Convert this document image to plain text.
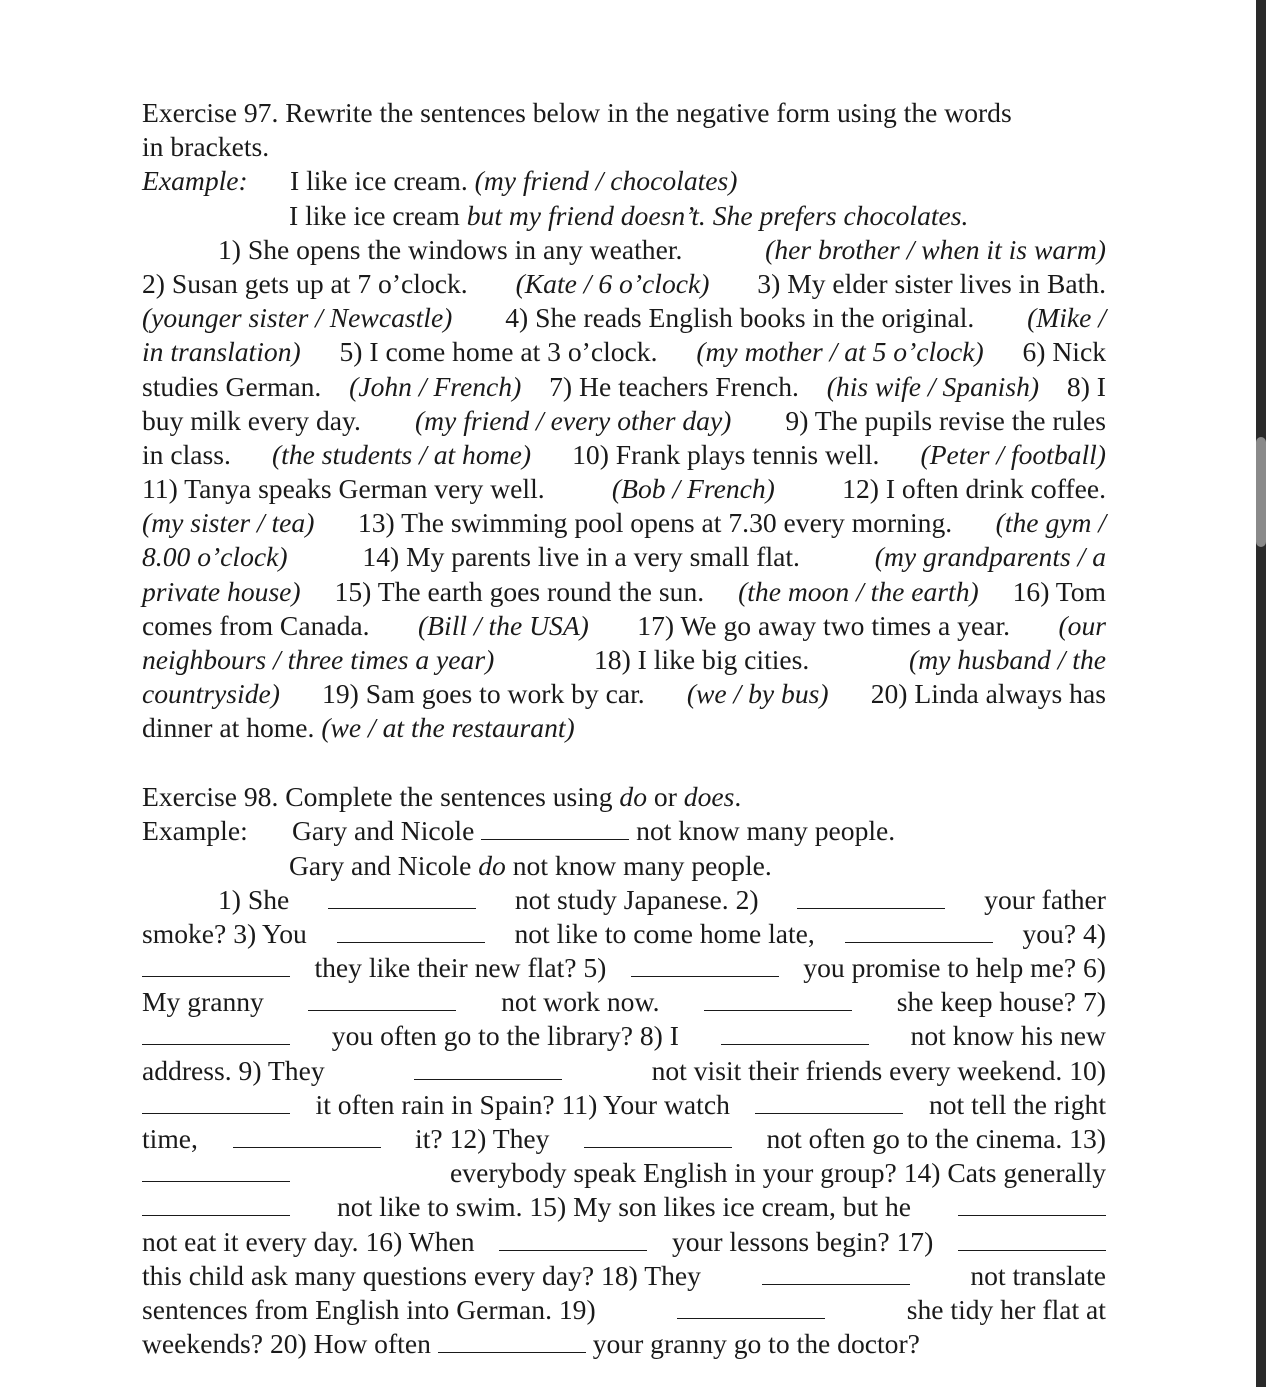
Exercise 97. Rewrite the sentences below in the negative form using the words
in brackets.
Example: I like ice cream. (my friend / chocolates)
I like ice cream but my friend doesn’t. She prefers chocolates.
1) She opens the windows in any weather.	(her brother / when it is warm)
2) Susan gets up at 7 o’clock. (Kate / 6 o’clock) 3) My elder sister lives in Bath.
(younger sister / Newcastle) 4) She reads English books in the original. (Mike /
in translation) 5) I come home at 3 o’clock. (my mother / at 5 o’clock) 6) Nick
studies German. (John / French) 7) He teachers French. (his wife / Spanish) 8) I
buy milk every day. (my friend / every other day) 9) The pupils revise the rules
in class. (the students / at home) 10) Frank plays tennis well. (Peter / football)
11) Tanya speaks German very well. (Bob / French) 12) I often drink coffee.
(my sister / tea) 13) The swimming pool opens at 7.30 every morning. (the gym /
8.00 o’clock) 14) My parents live in a very small flat. (my grandparents / a
private house) 15) The earth goes round the sun. (the moon / the earth) 16) Tom
comes from Canada. (Bill / the USA) 17) We go away two times a year. (our
neighbours / three times a year)	18) I like big cities.	(my husband / the
countryside) 19) Sam goes to work by car. (we / by bus) 20) Linda always has
dinner at home. (we / at the restaurant)
Exercise 98. Complete the sentences using do or does.
Example: Gary and Nicole	not know many people.
Gary and Nicole do not know many people.
1) She	not study Japanese. 2)	your father
smoke? 3) You	not like to come home late,	you? 4)
they like their new flat? 5)	you promise to help me? 6)
My granny	not work now.	she keep house? 7)
you often go to the library? 8) I	not know his new
address. 9) They	not visit their friends every weekend. 10)
it often rain in Spain? 11) Your watch	not tell the right
time,	it? 12) They	not often go to the cinema. 13)
everybody speak English in your group? 14) Cats generally
not like to swim. 15) My son likes ice cream, but he
not eat it every day. 16) When	your lessons begin? 17)
this child ask many questions every day? 18) They	not translate
sentences from English into German. 19)	she tidy her flat at
weekends? 20) How often	your granny go to the doctor?
